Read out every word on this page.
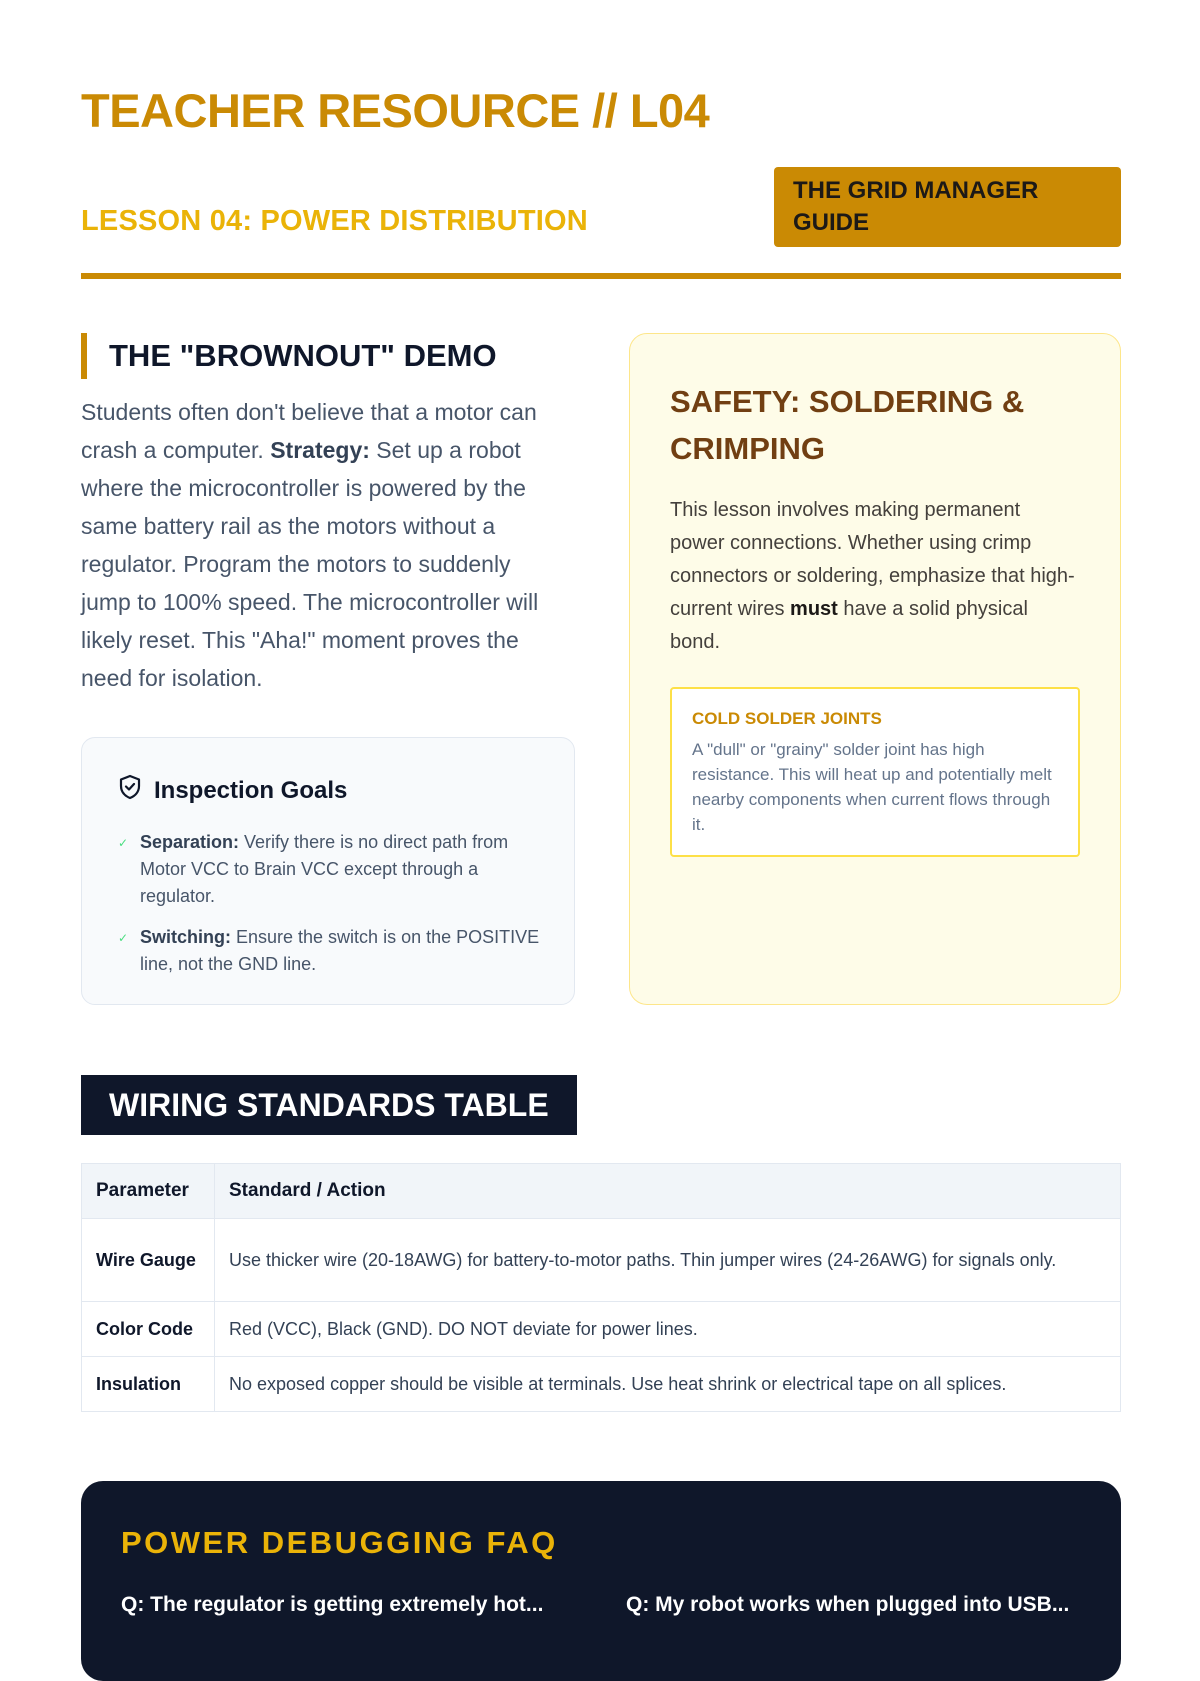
TEACHER RESOURCE // L04
LESSON 04: POWER DISTRIBUTION
THE GRID MANAGER GUIDE
THE "BROWNOUT" DEMO

Students often don't believe that a motor can crash a computer. Strategy: Set up a robot where the microcontroller is powered by the same battery rail as the motors without a regulator. Program the motors to suddenly jump to 100% speed. The microcontroller will likely reset. This "Aha!" moment proves the need for isolation.

Inspection Goals
✓ Separation: Verify there is no direct path from Motor VCC to Brain VCC except through a regulator.
✓ Switching: Ensure the switch is on the POSITIVE line, not the GND line.
SAFETY: SOLDERING & CRIMPING

This lesson involves making permanent power connections. Whether using crimp connectors or soldering, emphasize that high-current wires must have a solid physical bond.

COLD SOLDER JOINTS
A "dull" or "grainy" solder joint has high resistance. This will heat up and potentially melt nearby components when current flows through it.
WIRING STANDARDS TABLE
Parameter	Standard / Action
Wire Gauge	Use thicker wire (20-18AWG) for battery-to-motor paths. Thin jumper wires (24-26AWG) for signals only.
Color Code	Red (VCC), Black (GND). DO NOT deviate for power lines.
Insulation	No exposed copper should be visible at terminals. Use heat shrink or electrical tape on all splices.
POWER DEBUGGING FAQ
Q: The regulator is getting extremely hot...	Q: My robot works when plugged into USB...
